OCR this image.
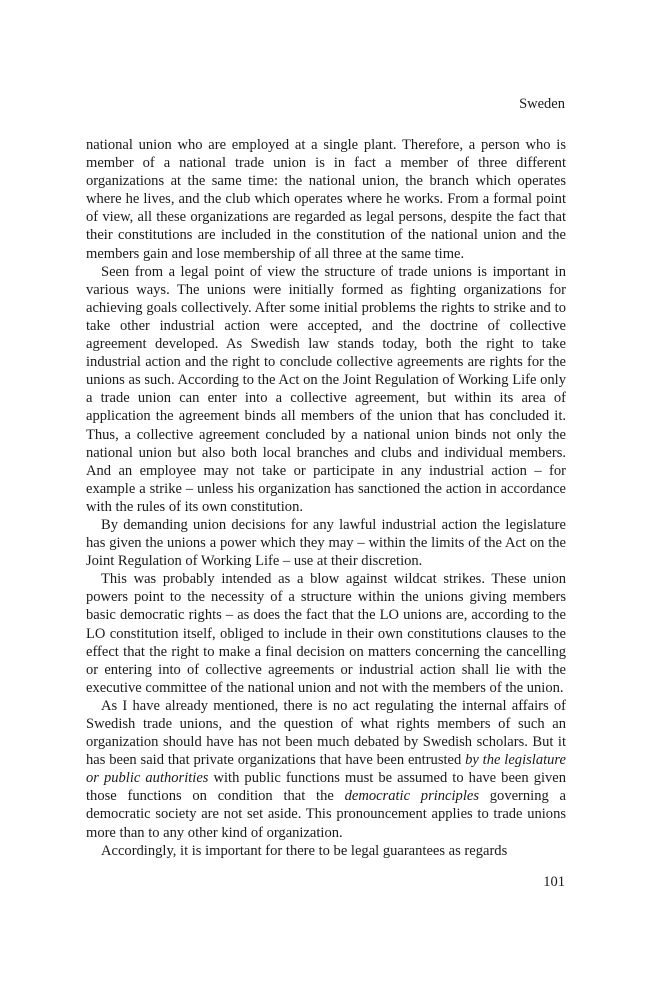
Sweden

national union who are employed at a single plant. Therefore, a person who is member of a national trade union is in fact a member of three different organizations at the same time: the national union, the branch which operates where he lives, and the club which operates where he works. From a formal point of view, all these organizations are regarded as legal persons, despite the fact that their constitutions are included in the constitution of the national union and the members gain and lose membership of all three at the same time.

Seen from a legal point of view the structure of trade unions is important in various ways. The unions were initially formed as fighting organizations for achieving goals collectively. After some initial problems the rights to strike and to take other industrial action were accepted, and the doctrine of collective agreement developed. As Swedish law stands today, both the right to take industrial action and the right to conclude collective agreements are rights for the unions as such. According to the Act on the Joint Regulation of Working Life only a trade union can enter into a collective agreement, but within its area of application the agreement binds all members of the union that has concluded it. Thus, a collective agreement concluded by a national union binds not only the national union but also both local branches and clubs and individual members. And an employee may not take or participate in any industrial action – for example a strike – unless his organization has sanctioned the action in accordance with the rules of its own constitution.

By demanding union decisions for any lawful industrial action the legislature has given the unions a power which they may – within the limits of the Act on the Joint Regulation of Working Life – use at their discretion.

This was probably intended as a blow against wildcat strikes. These union powers point to the necessity of a structure within the unions giving members basic democratic rights – as does the fact that the LO unions are, according to the LO constitution itself, obliged to include in their own constitutions clauses to the effect that the right to make a final decision on matters concerning the cancelling or entering into of collective agreements or industrial action shall lie with the executive committee of the national union and not with the members of the union.

As I have already mentioned, there is no act regulating the internal affairs of Swedish trade unions, and the question of what rights members of such an organization should have has not been much debated by Swedish scholars. But it has been said that private organizations that have been entrusted by the legislature or public authorities with public functions must be assumed to have been given those functions on condition that the democratic principles governing a democratic society are not set aside. This pronouncement applies to trade unions more than to any other kind of organization.

Accordingly, it is important for there to be legal guarantees as regards

101
